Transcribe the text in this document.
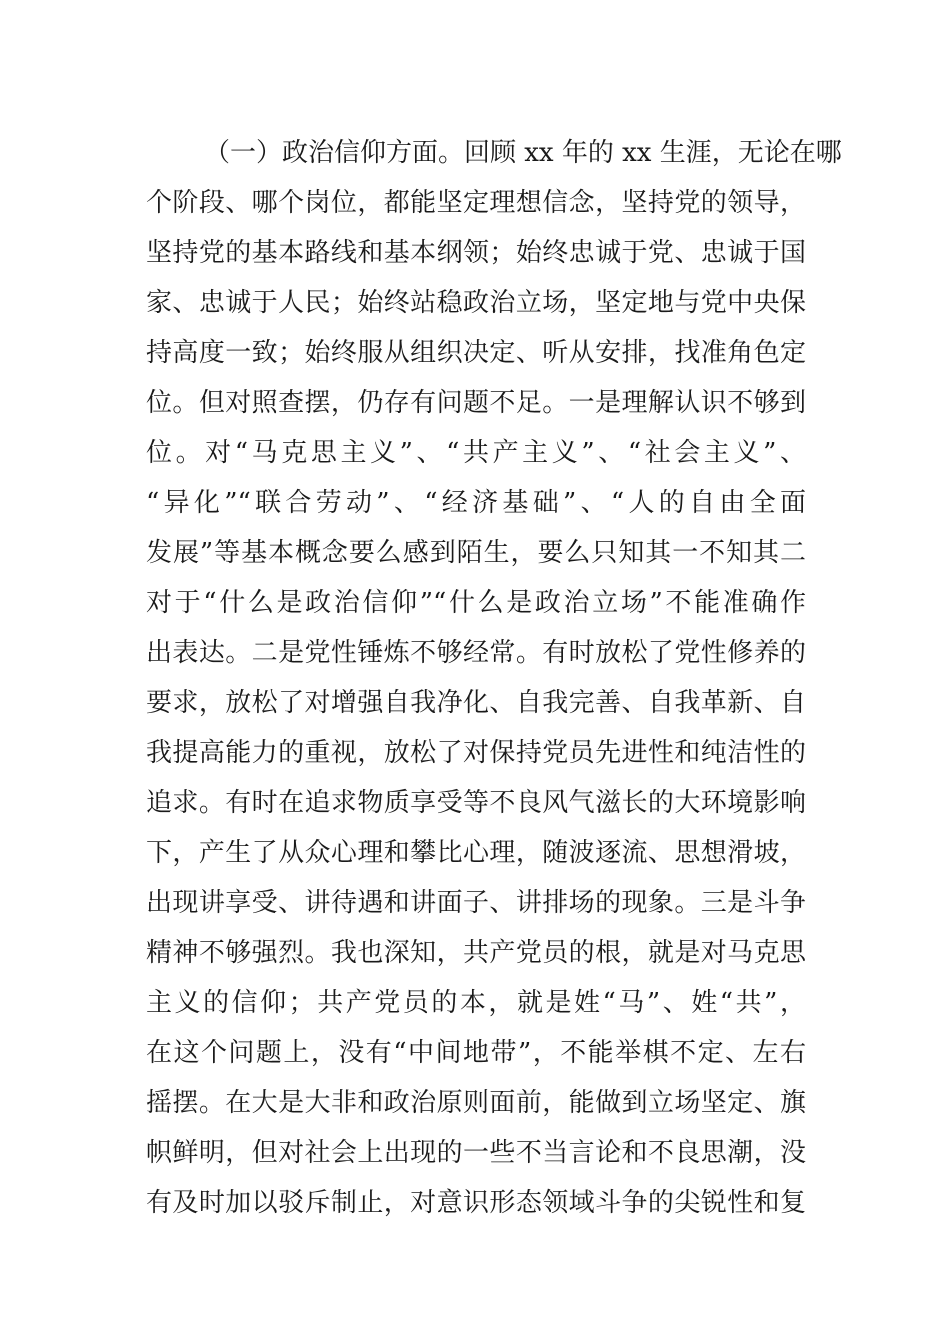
（一）政治信仰方面。回顾 xx 年的 xx 生涯，无论在哪
个阶段、哪个岗位，都能坚定理想信念，坚持党的领导，
坚持党的基本路线和基本纲领；始终忠诚于党、忠诚于国
家、忠诚于人民；始终站稳政治立场，坚定地与党中央保
持高度一致；始终服从组织决定、听从安排，找准角色定
位。但对照查摆，仍存有问题不足。一是理解认识不够到
位。对“马克思主义”、“共产主义”、“社会主义”、
“异化”“联合劳动”、“经济基础”、“人的自由全面
发展”等基本概念要么感到陌生，要么只知其一不知其二
对于“什么是政治信仰”“什么是政治立场”不能准确作
出表达。二是党性锤炼不够经常。有时放松了党性修养的
要求，放松了对增强自我净化、自我完善、自我革新、自
我提高能力的重视，放松了对保持党员先进性和纯洁性的
追求。有时在追求物质享受等不良风气滋长的大环境影响
下，产生了从众心理和攀比心理，随波逐流、思想滑坡，
出现讲享受、讲待遇和讲面子、讲排场的现象。三是斗争
精神不够强烈。我也深知，共产党员的根，就是对马克思
主义的信仰；共产党员的本，就是姓“马”、姓“共”，
在这个问题上，没有“中间地带”，不能举棋不定、左右
摇摆。在大是大非和政治原则面前，能做到立场坚定、旗
帜鲜明，但对社会上出现的一些不当言论和不良思潮，没
有及时加以驳斥制止，对意识形态领域斗争的尖锐性和复
